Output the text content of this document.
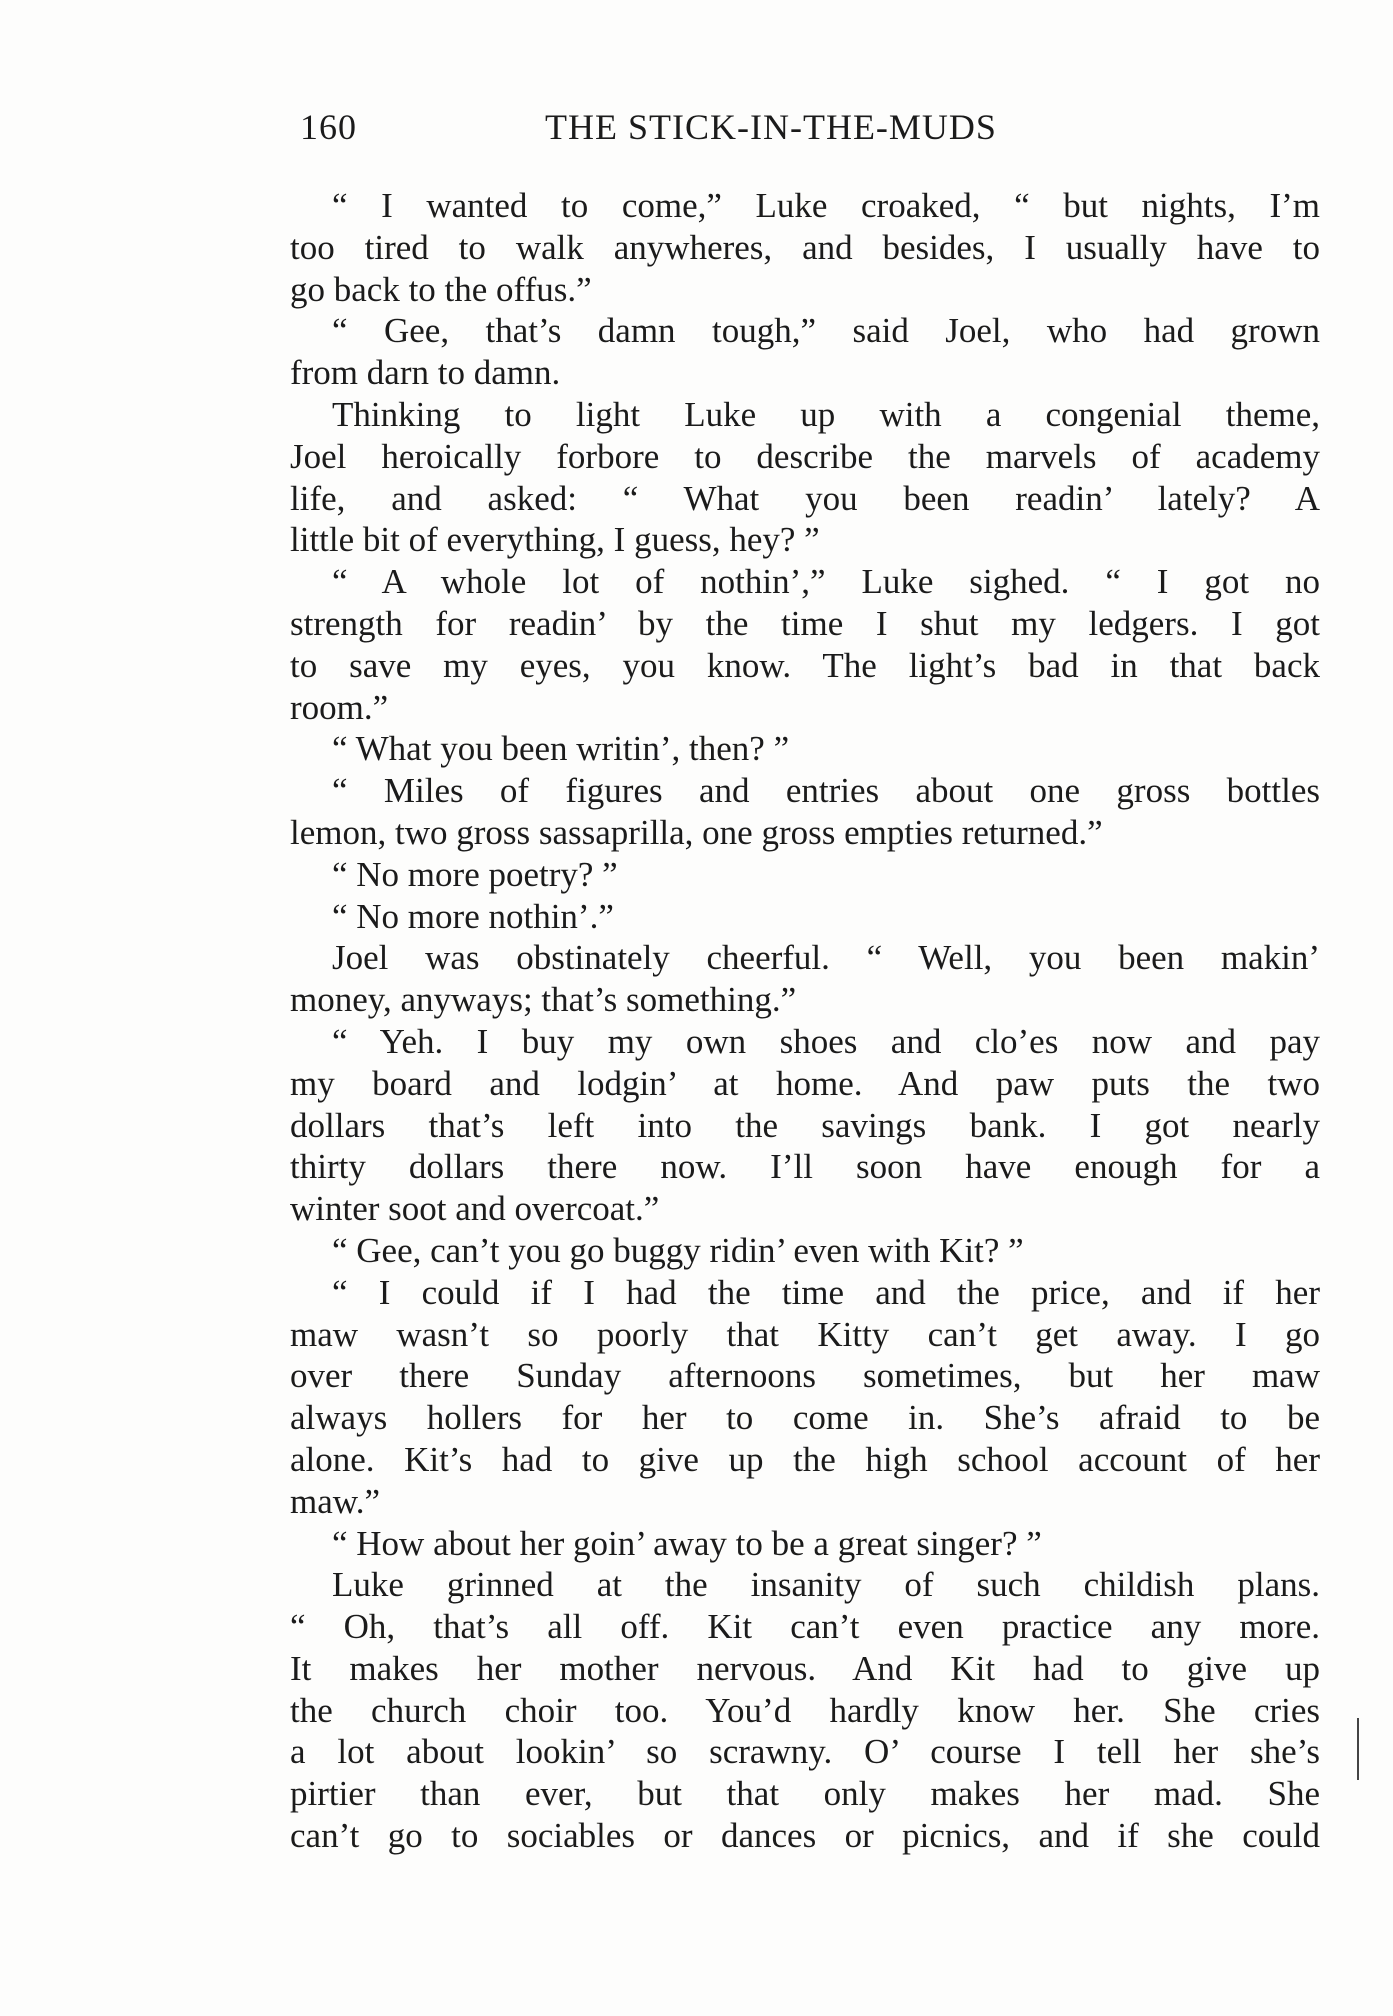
160	THE STICK-IN-THE-MUDS
“ I wanted to come,” Luke croaked, “ but nights, I’m
too tired to walk anywheres, and besides, I usually have to
go back to the offus.”
“ Gee, that’s damn tough,” said Joel, who had grown
from darn to damn.
Thinking to light Luke up with a congenial theme,
Joel heroically forbore to describe the marvels of academy
life, and asked: “ What you been readin’ lately? A
little bit of everything, I guess, hey? ”
“ A whole lot of nothin’,” Luke sighed. “ I got no
strength for readin’ by the time I shut my ledgers. I got
to save my eyes, you know. The light’s bad in that back
room.”
“ What you been writin’, then? ”
“ Miles of figures and entries about one gross bottles
lemon, two gross sassaprilla, one gross empties returned.”
“ No more poetry? ”
“ No more nothin’.”
Joel was obstinately cheerful. “ Well, you been makin’
money, anyways; that’s something.”
“ Yeh. I buy my own shoes and clo’es now and pay
my board and lodgin’ at home. And paw puts the two
dollars that’s left into the savings bank. I got nearly
thirty dollars there now. I’ll soon have enough for a
winter soot and overcoat.”
“ Gee, can’t you go buggy ridin’ even with Kit? ”
“ I could if I had the time and the price, and if her
maw wasn’t so poorly that Kitty can’t get away. I go
over there Sunday afternoons sometimes, but her maw
always hollers for her to come in. She’s afraid to be
alone. Kit’s had to give up the high school account of her
maw.”
“ How about her goin’ away to be a great singer? ”
Luke grinned at the insanity of such childish plans.
“ Oh, that’s all off. Kit can’t even practice any more.
It makes her mother nervous. And Kit had to give up
the church choir too. You’d hardly know her. She cries
a lot about lookin’ so scrawny. O’ course I tell her she’s
pirtier than ever, but that only makes her mad. She
can’t go to sociables or dances or picnics, and if she could
